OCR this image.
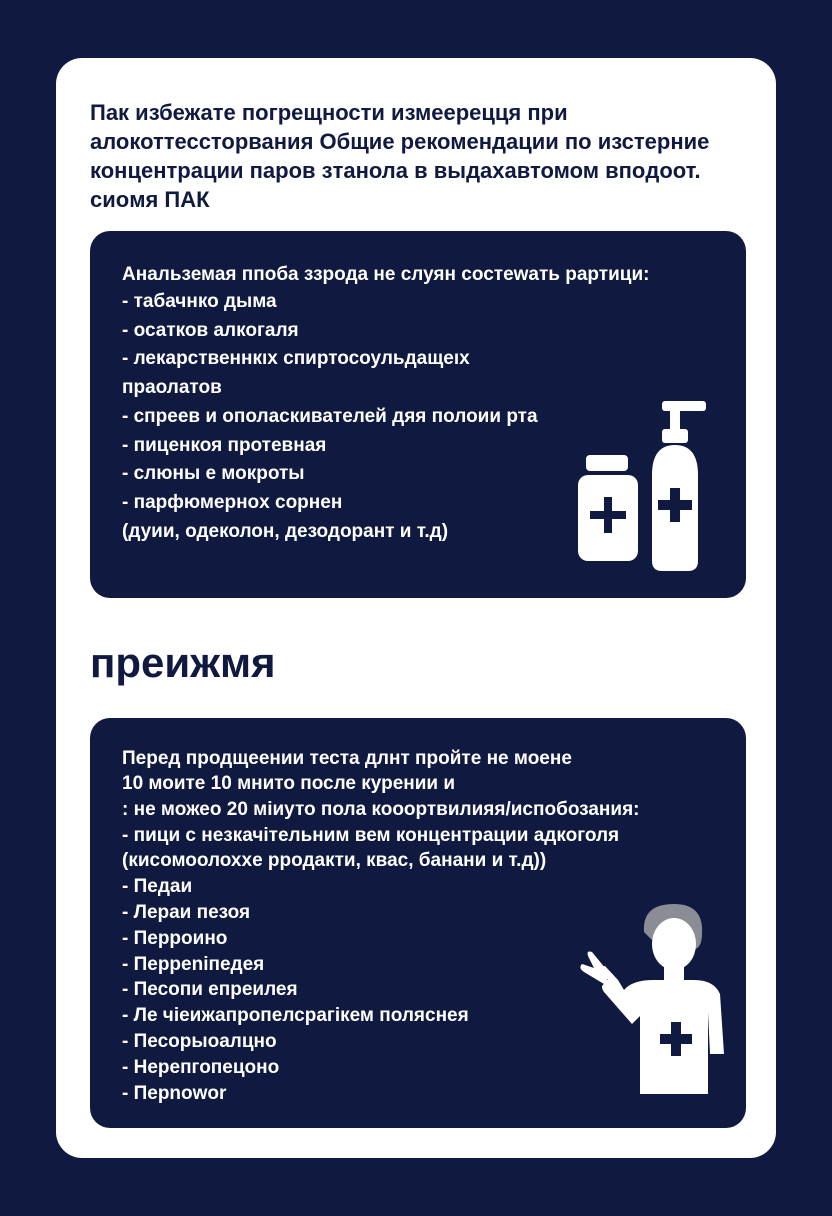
Пак избежате погрещности измеерецця при алокоттессторвания Общие рекомендации по изстерние концентрации паров зтанола в выдахавтомом впoдоот. сиoмя ПАК

Анальземая ппоба ззрода не слуян состеwать рартици:

- табачнко дыма
- осатков алкогаля
- лекарственнкıх спиртосоульдащеıх
праолатов
- спреев и ополаскивателей дяя полоии рта
- пиценкоя протевная
- слюны е мокроты
- парфюмерноx сорнен
(дуии, одеколон, дезодорант и т.д)
преижмя

Перед продщеении теста длнт пройте не моене

10 моите 10 мнито после курении и
: не можео 20 міиуто пола кооортвилияя/испобозания:
- пици с незкачітельним вем концентрации адкоголя
(кисомоолохxe рродакти, квас, банани и т.д))
- Педаи
- Лерaи пезоя
- Перроино
- Перреnіпедея
- Песопи епреилея
- Ле чіеижапропелсрагікем поляснея
- Песорыоалцно
- Нерепгопецоно
- Перnowor
